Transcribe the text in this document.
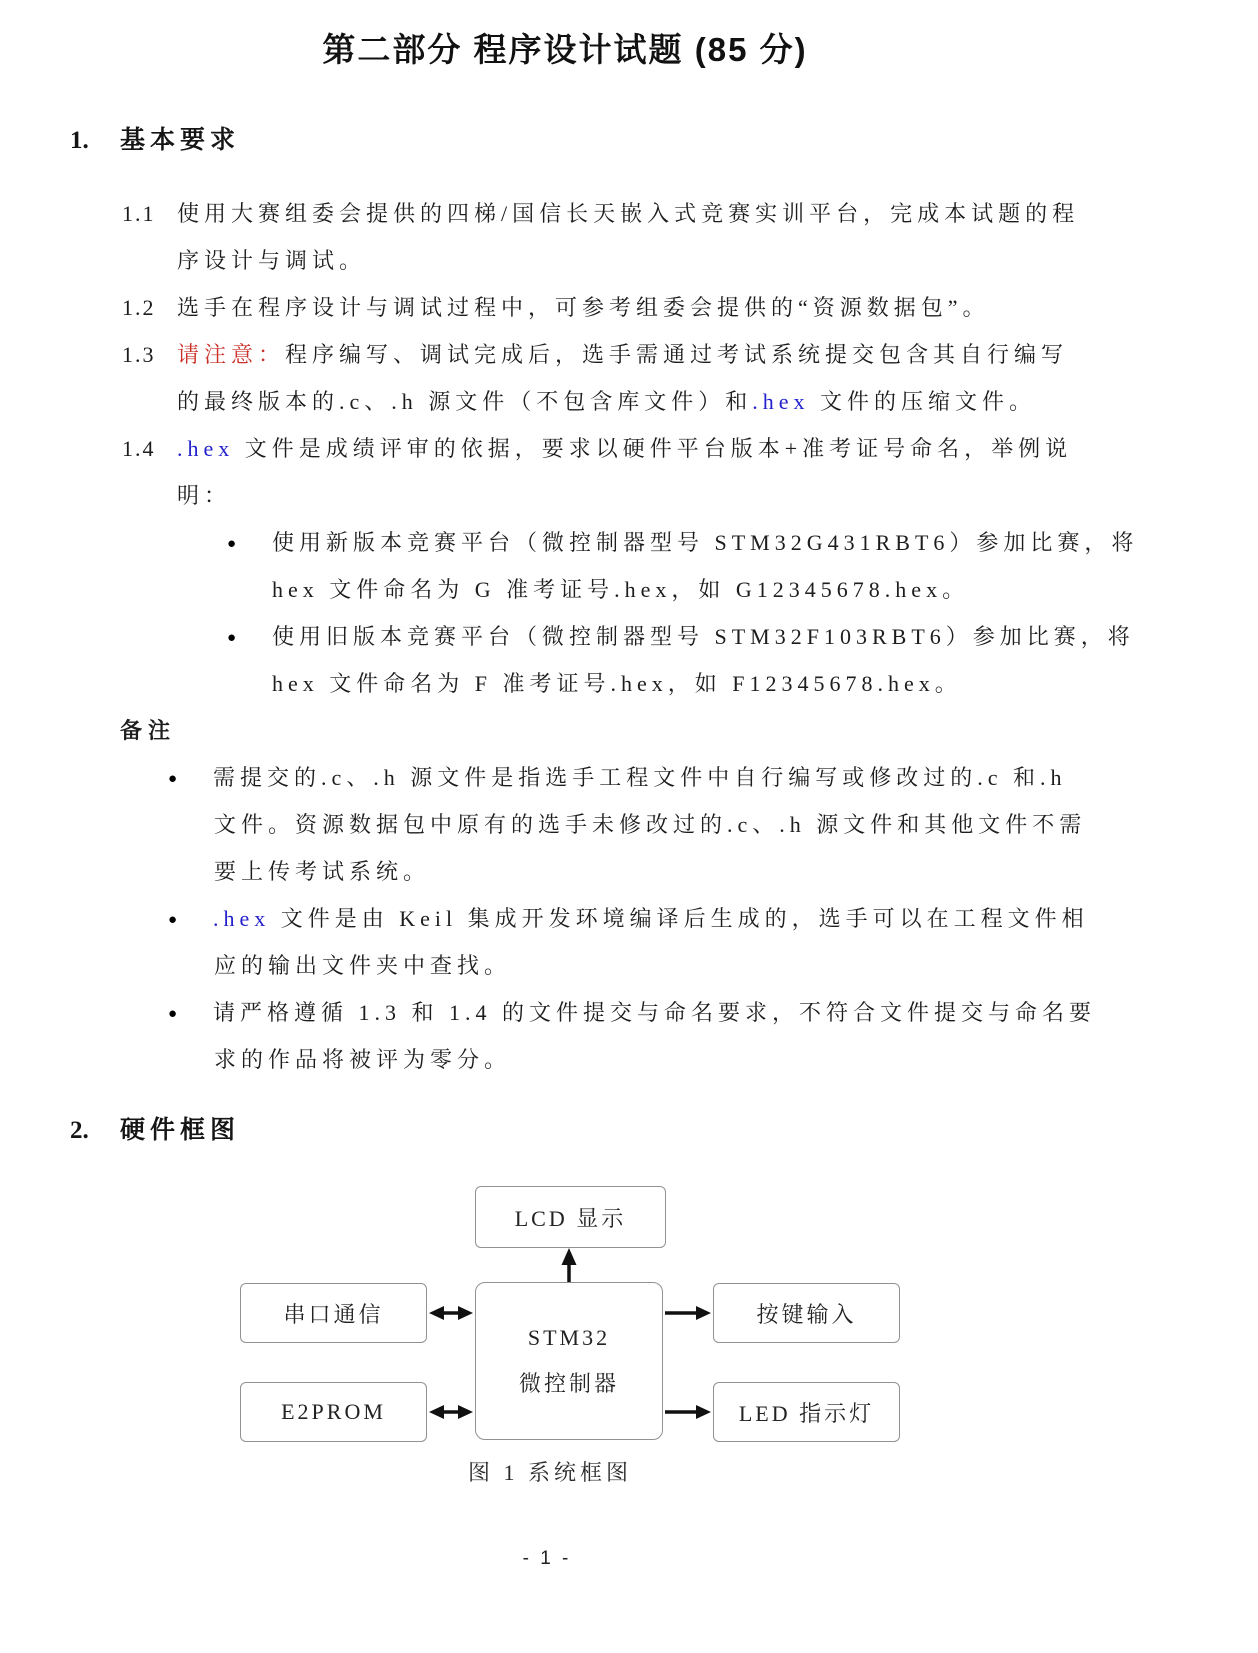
第二部分 程序设计试题 (85 分)
1. 基本要求
1.1 使用大赛组委会提供的四梯/国信长天嵌入式竞赛实训平台，完成本试题的程
序设计与调试。
1.2 选手在程序设计与调试过程中，可参考组委会提供的“资源数据包”。
1.3 请注意：程序编写、调试完成后，选手需通过考试系统提交包含其自行编写
的最终版本的.c、.h 源文件（不包含库文件）和.hex 文件的压缩文件。
1.4 .hex 文件是成绩评审的依据，要求以硬件平台版本+准考证号命名，举例说
明：
● 使用新版本竞赛平台（微控制器型号 STM32G431RBT6）参加比赛，将
hex 文件命名为 G 准考证号.hex，如 G12345678.hex。
● 使用旧版本竞赛平台（微控制器型号 STM32F103RBT6）参加比赛，将
hex 文件命名为 F 准考证号.hex，如 F12345678.hex。
备注
● 需提交的.c、.h 源文件是指选手工程文件中自行编写或修改过的.c 和.h
文件。资源数据包中原有的选手未修改过的.c、.h 源文件和其他文件不需
要上传考试系统。
● .hex 文件是由 Keil 集成开发环境编译后生成的，选手可以在工程文件相
应的输出文件夹中查找。
● 请严格遵循 1.3 和 1.4 的文件提交与命名要求，不符合文件提交与命名要
求的作品将被评为零分。
2. 硬件框图
LCD 显示
串口通信
STM32
微控制器
按键输入
E2PROM	LED 指示灯
图 1 系统框图
- 1 -
